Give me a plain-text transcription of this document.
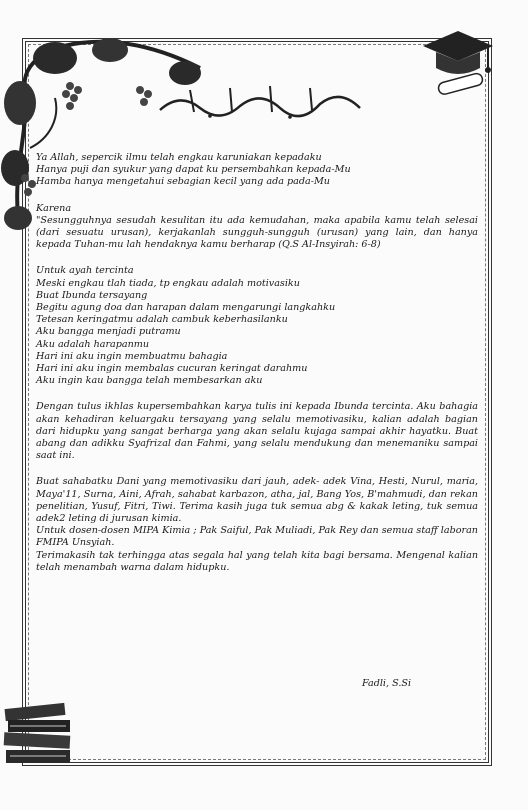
Ya Allah, sepercik ilmu telah engkau karuniakan kepadaku
Hanya puji dan syukur yang dapat ku persembahkan kepada-Mu
Hamba hanya mengetahui sebagian kecil yang ada pada-Mu
Karena
"Sesungguhnya sesudah kesulitan itu ada kemudahan, maka apabila kamu telah selesai (dari sesuatu urusan), kerjakanlah sungguh-sungguh (urusan) yang lain, dan hanya kepada Tuhan-mu lah hendaknya kamu berharap (Q.S Al-Insyirah: 6-8)
Untuk ayah tercinta
Meski engkau tlah tiada, tp engkau adalah motivasiku
Buat Ibunda tersayang
Begitu agung doa dan harapan dalam mengarungi langkahku
Tetesan keringatmu adalah cambuk keberhasilanku
Aku bangga menjadi putramu
Aku adalah harapanmu
Hari ini aku ingin membuatmu bahagia
Hari ini aku ingin membalas cucuran keringat darahmu
Aku ingin kau bangga telah membesarkan aku
Dengan tulus ikhlas kupersembahkan karya tulis ini kepada Ibunda tercinta. Aku bahagia akan kehadiran keluargaku tersayang yang selalu memotivasiku, kalian adalah bagian dari hidupku yang sangat berharga yang akan selalu kujaga sampai akhir hayatku. Buat abang dan adikku Syafrizal dan Fahmi, yang selalu mendukung dan menemaniku sampai saat ini.
Buat sahabatku Dani yang memotivasiku dari jauh, adek- adek Vina, Hesti, Nurul, maria, Maya'11, Surna, Aini, Afrah, sahabat karbazon, atha, jal, Bang Yos, B'mahmudi, dan rekan penelitian, Yusuf, Fitri, Tiwi. Terima kasih juga tuk semua abg & kakak leting, tuk semua adek2 leting di jurusan kimia.
Untuk dosen-dosen MIPA Kimia ; Pak Saiful, Pak Muliadi, Pak Rey dan semua staff laboran FMIPA Unsyiah.
Terimakasih tak terhingga atas segala hal yang telah kita bagi bersama. Mengenal kalian telah menambah warna dalam hidupku.
Fadli, S.Si
